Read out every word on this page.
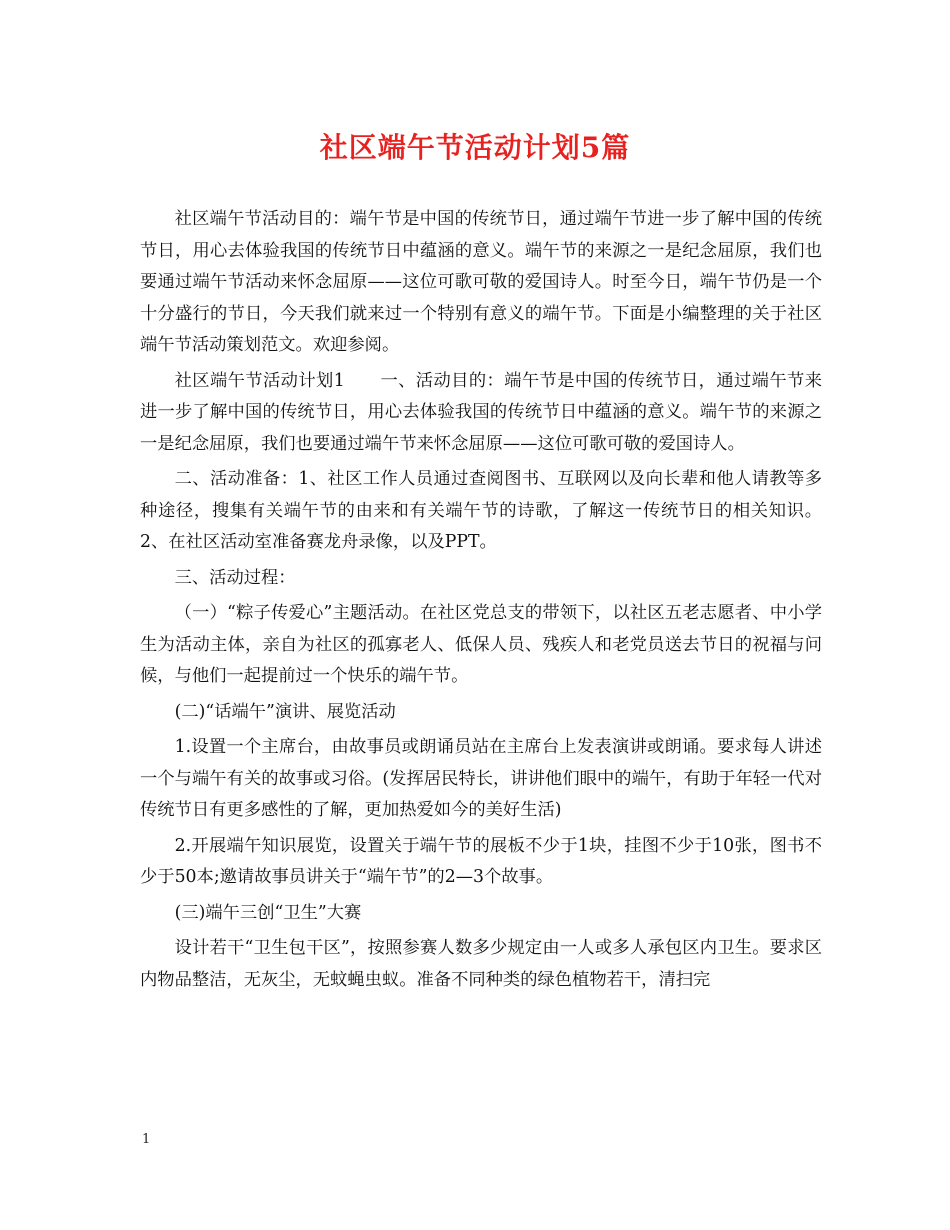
社区端午节活动计划5篇

社区端午节活动目的：端午节是中国的传统节日，通过端午节进一步了解中国的传统节日，用心去体验我国的传统节日中蕴涵的意义。端午节的来源之一是纪念屈原，我们也要通过端午节活动来怀念屈原——这位可歌可敬的爱国诗人。时至今日，端午节仍是一个十分盛行的节日，今天我们就来过一个特别有意义的端午节。下面是小编整理的关于社区端午节活动策划范文。欢迎参阅。

社区端午节活动计划1　　一、活动目的：端午节是中国的传统节日，通过端午节来进一步了解中国的传统节日，用心去体验我国的传统节日中蕴涵的意义。端午节的来源之一是纪念屈原，我们也要通过端午节来怀念屈原——这位可歌可敬的爱国诗人。

二、活动准备：1、社区工作人员通过查阅图书、互联网以及向长辈和他人请教等多种途径，搜集有关端午节的由来和有关端午节的诗歌，了解这一传统节日的相关知识。2、在社区活动室准备赛龙舟录像，以及PPT。

三、活动过程：

（一）“粽子传爱心”主题活动。在社区党总支的带领下，以社区五老志愿者、中小学生为活动主体，亲自为社区的孤寡老人、低保人员、残疾人和老党员送去节日的祝福与问候，与他们一起提前过一个快乐的端午节。

(二)“话端午”演讲、展览活动

1.设置一个主席台，由故事员或朗诵员站在主席台上发表演讲或朗诵。要求每人讲述一个与端午有关的故事或习俗。(发挥居民特长，讲讲他们眼中的端午，有助于年轻一代对传统节日有更多感性的了解，更加热爱如今的美好生活)

2.开展端午知识展览，设置关于端午节的展板不少于1块，挂图不少于10张，图书不少于50本;邀请故事员讲关于“端午节”的2—3个故事。

(三)端午三创“卫生”大赛

设计若干“卫生包干区”，按照参赛人数多少规定由一人或多人承包区内卫生。要求区内物品整洁，无灰尘，无蚊蝇虫蚁。准备不同种类的绿色植物若干，清扫完

1
